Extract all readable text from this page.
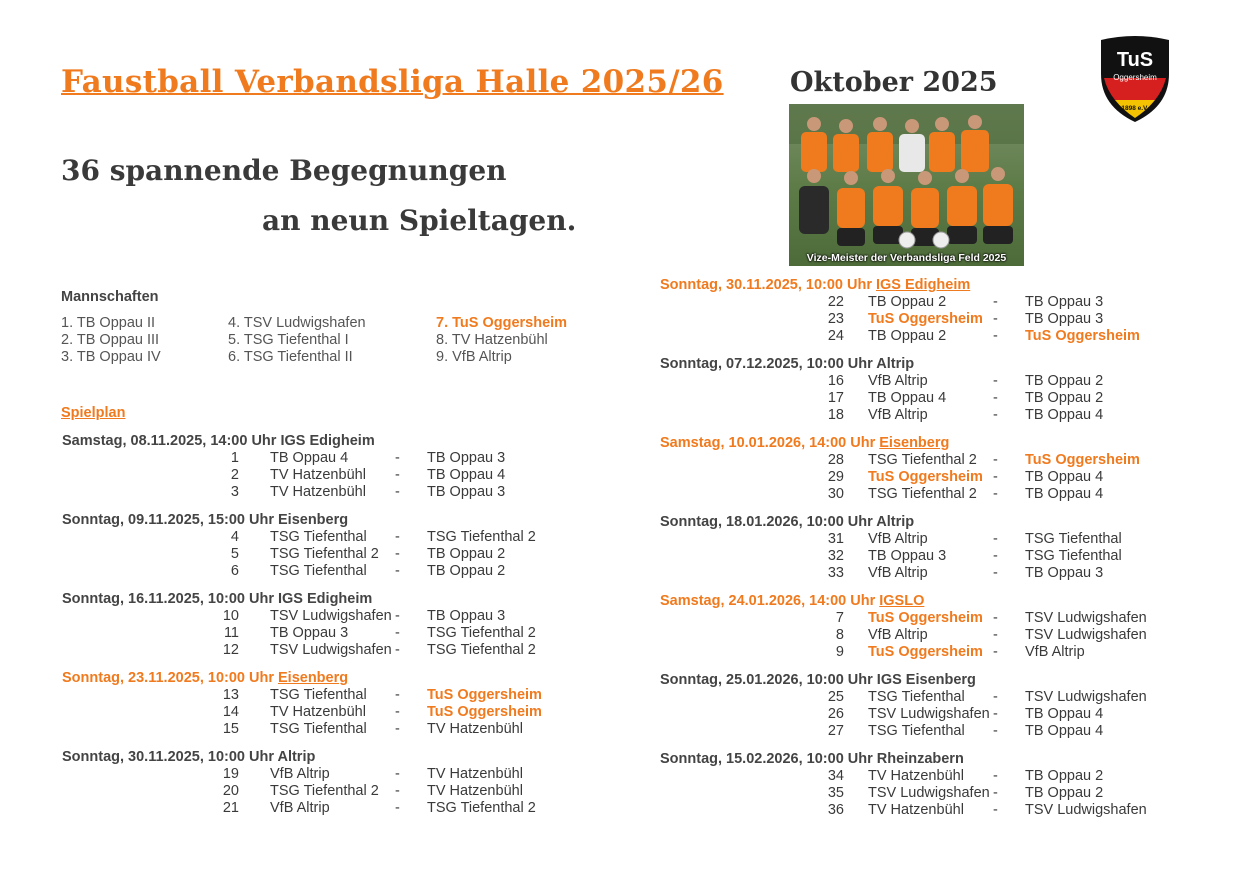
Faustball Verbandsliga Halle 2025/26 Oktober 2025
36 spannende Begegnungen
an neun Spieltagen.
Vize-Meister der Verbandsliga Feld 2025
TuS
Oggersheim
1898 e.V.
Mannschaften
1. TB Oppau II
2. TB Oppau III
3. TB Oppau IV
4. TSV Ludwigshafen
5. TSG Tiefenthal I
6. TSG Tiefenthal II
7. TuS Oggersheim
8. TV Hatzenbühl
9. VfB Altrip
Spielplan
Samstag, 08.11.2025, 14:00 Uhr IGS Edigheim
1 TB Oppau 4	- TB Oppau 3
2 TV Hatzenbühl - TB Oppau 4
3 TV Hatzenbühl - TB Oppau 3
Sonntag, 09.11.2025, 15:00 Uhr Eisenberg
4 TSG Tiefenthal - TSG Tiefenthal 2
5 TSG Tiefenthal 2 - TB Oppau 2
6 TSG Tiefenthal - TB Oppau 2
Sonntag, 16.11.2025, 10:00 Uhr IGS Edigheim
10 TSV Ludwigshafen - TB Oppau 3
11 TB Oppau 3	- TSG Tiefenthal 2
12 TSV Ludwigshafen - TSG Tiefenthal 2
Sonntag, 23.11.2025, 10:00 Uhr Eisenberg
13 TSG Tiefenthal - TuS Oggersheim
14 TV Hatzenbühl - TuS Oggersheim
15 TSG Tiefenthal - TV Hatzenbühl
Sonntag, 30.11.2025, 10:00 Uhr Altrip
19 VfB Altrip	- TV Hatzenbühl
20 TSG Tiefenthal 2 - TV Hatzenbühl
21 VfB Altrip	- TSG Tiefenthal 2
Sonntag, 30.11.2025, 10:00 Uhr IGS Edigheim
22 TB Oppau 2	- TB Oppau 3
23 TuS Oggersheim - TB Oppau 3
24 TB Oppau 2	- TuS Oggersheim
Sonntag, 07.12.2025, 10:00 Uhr Altrip
16 VfB Altrip	- TB Oppau 2
17 TB Oppau 4	- TB Oppau 2
18 VfB Altrip	- TB Oppau 4
Samstag, 10.01.2026, 14:00 Uhr Eisenberg
28 TSG Tiefenthal 2 - TuS Oggersheim
29 TuS Oggersheim - TB Oppau 4
30 TSG Tiefenthal 2 - TB Oppau 4
Sonntag, 18.01.2026, 10:00 Uhr Altrip
31 VfB Altrip	- TSG Tiefenthal
32 TB Oppau 3	- TSG Tiefenthal
33 VfB Altrip	- TB Oppau 3
Samstag, 24.01.2026, 14:00 Uhr IGSLO
7 TuS Oggersheim - TSV Ludwigshafen
8 VfB Altrip	- TSV Ludwigshafen
9 TuS Oggersheim - VfB Altrip
Sonntag, 25.01.2026, 10:00 Uhr IGS Eisenberg
25 TSG Tiefenthal - TSV Ludwigshafen
26 TSV Ludwigshafen - TB Oppau 4
27 TSG Tiefenthal - TB Oppau 4
Sonntag, 15.02.2026, 10:00 Uhr Rheinzabern
34 TV Hatzenbühl - TB Oppau 2
35 TSV Ludwigshafen - TB Oppau 2
36 TV Hatzenbühl - TSV Ludwigshafen
